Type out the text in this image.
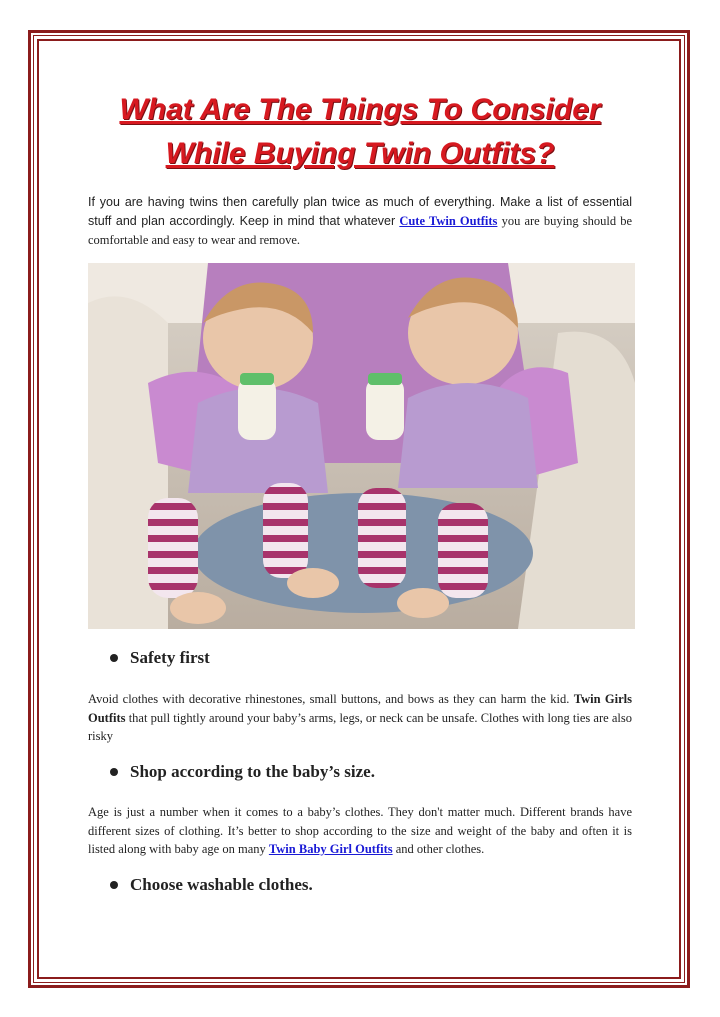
What Are The Things To Consider
While Buying Twin Outfits?

If you are having twins then carefully plan twice as much of everything. Make a list of essential stuff and plan accordingly. Keep in mind that whatever Cute Twin Outfits you are buying should be comfortable and easy to wear and remove.

Safety first

Avoid clothes with decorative rhinestones, small buttons, and bows as they can harm the kid. Twin Girls Outfits that pull tightly around your baby’s arms, legs, or neck can be unsafe. Clothes with long ties are also risky

Shop according to the baby’s size.

Age is just a number when it comes to a baby’s clothes. They don't matter much. Different brands have different sizes of clothing. It’s better to shop according to the size and weight of the baby and often it is listed along with baby age on many Twin Baby Girl Outfits and other clothes.

Choose washable clothes.
